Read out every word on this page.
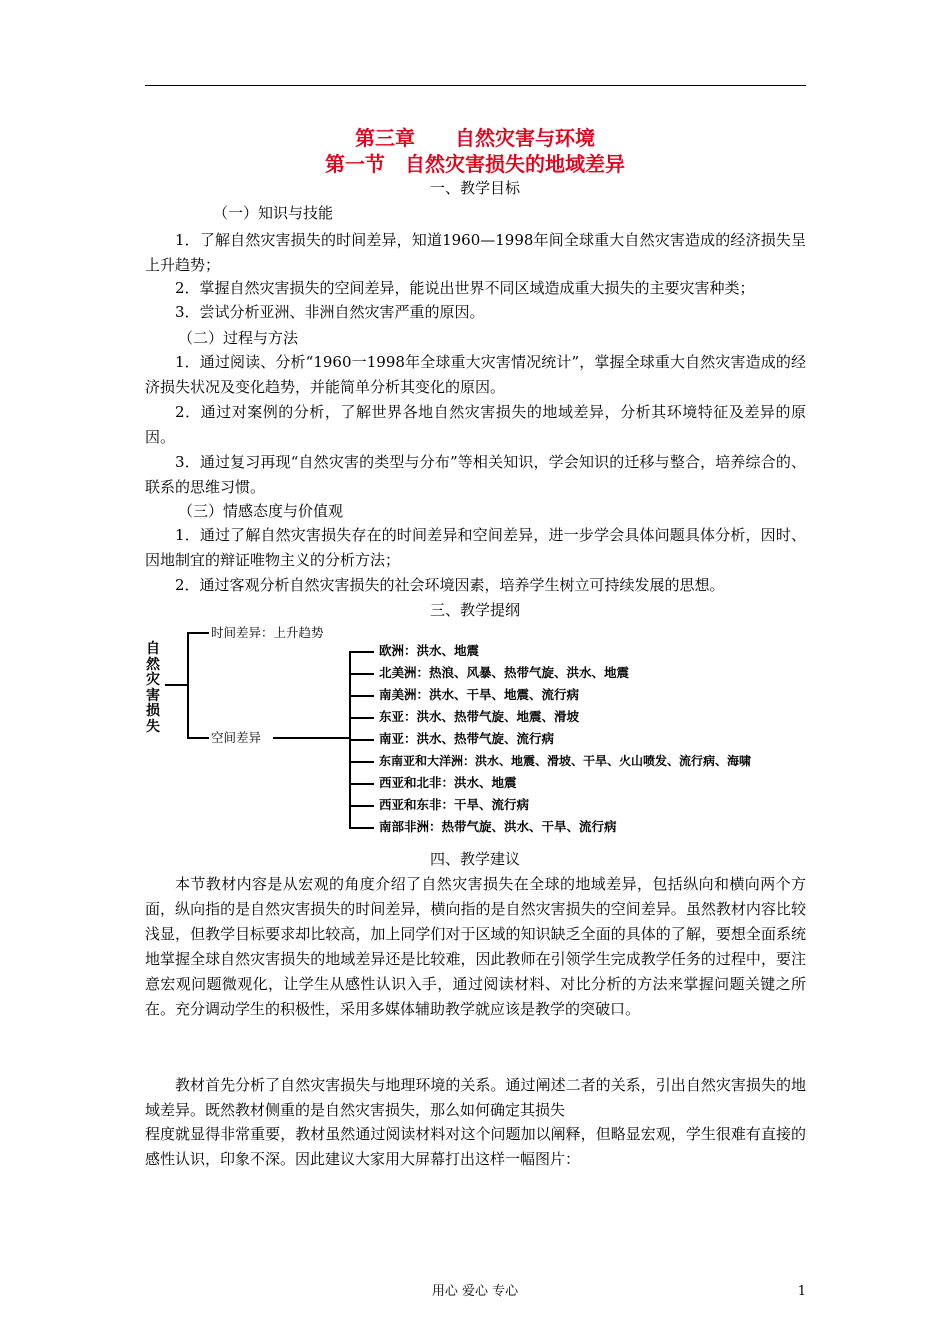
第三章　　自然灾害与环境
第一节　自然灾害损失的地域差异
一、教学目标
（一）知识与技能
1．了解自然灾害损失的时间差异，知道1960—1998年间全球重大自然灾害造成的经济损失呈上升趋势；
2．掌握自然灾害损失的空间差异，能说出世界不同区域造成重大损失的主要灾害种类；
3．尝试分析亚洲、非洲自然灾害严重的原因。
（二）过程与方法
1．通过阅读、分析“1960一1998年全球重大灾害情况统计”，掌握全球重大自然灾害造成的经济损失状况及变化趋势，并能简单分析其变化的原因。
2．通过对案例的分析，了解世界各地自然灾害损失的地域差异，分析其环境特征及差异的原因。
3．通过复习再现“自然灾害的类型与分布”等相关知识，学会知识的迁移与整合，培养综合的、联系的思维习惯。
（三）情感态度与价值观
1．通过了解自然灾害损失存在的时间差异和空间差异，进一步学会具体问题具体分析，因时、因地制宜的辩证唯物主义的分析方法；
2．通过客观分析自然灾害损失的社会环境因素，培养学生树立可持续发展的思想。
三、教学提纲
自然灾害损失
时间差异：上升趋势
空间差异
欧洲：洪水、地震
北美洲：热浪、风暴、热带气旋、洪水、地震
南美洲：洪水、干旱、地震、流行病
东亚：洪水、热带气旋、地震、滑坡
南亚：洪水、热带气旋、流行病
东南亚和大洋洲：洪水、地震、滑坡、干旱、火山喷发、流行病、海啸
西亚和北非：洪水、地震
西亚和东非：干旱、流行病
南部非洲：热带气旋、洪水、干旱、流行病
四、教学建议
本节教材内容是从宏观的角度介绍了自然灾害损失在全球的地域差异，包括纵向和横向两个方面，纵向指的是自然灾害损失的时间差异，横向指的是自然灾害损失的空间差异。虽然教材内容比较浅显，但教学目标要求却比较高，加上同学们对于区域的知识缺乏全面的具体的了解，要想全面系统地掌握全球自然灾害损失的地域差异还是比较难，因此教师在引领学生完成教学任务的过程中，要注意宏观问题微观化，让学生从感性认识入手，通过阅读材料、对比分析的方法来掌握问题关键之所在。充分调动学生的积极性，采用多媒体辅助教学就应该是教学的突破口。
教材首先分析了自然灾害损失与地理环境的关系。通过阐述二者的关系，引出自然灾害损失的地域差异。既然教材侧重的是自然灾害损失，那么如何确定其损失
程度就显得非常重要，教材虽然通过阅读材料对这个问题加以阐释，但略显宏观，学生很难有直接的感性认识，印象不深。因此建议大家用大屏幕打出这样一幅图片：
用心 爱心 专心	1
